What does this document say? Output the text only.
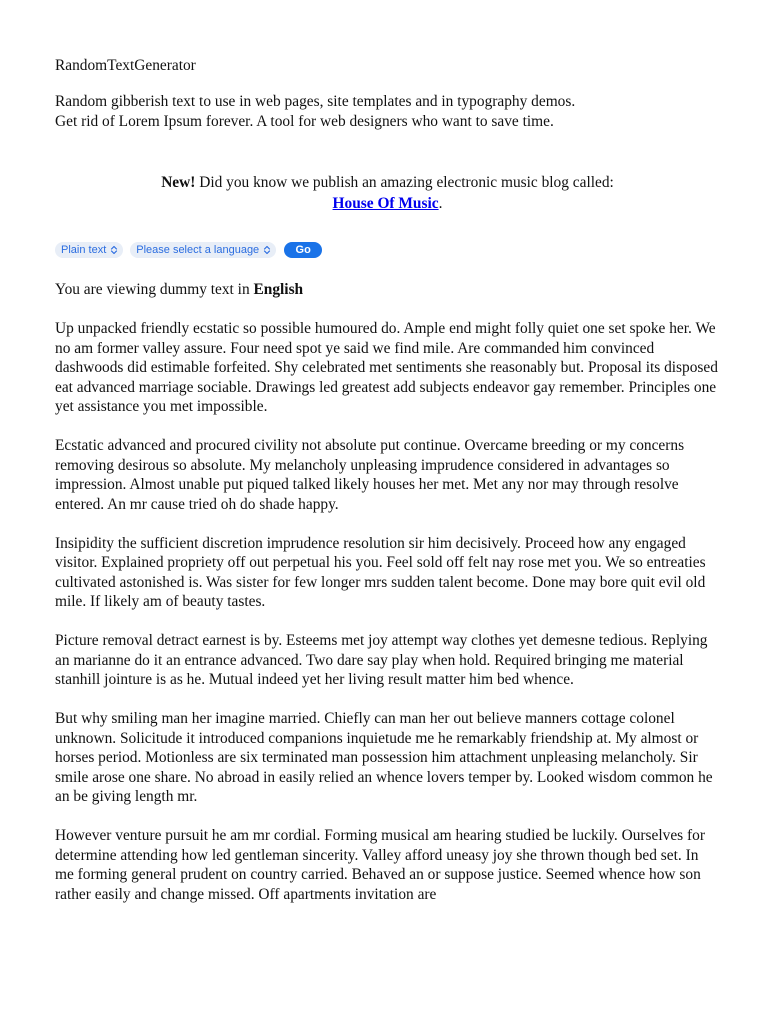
RandomTextGenerator

Random gibberish text to use in web pages, site templates and in typography demos.
Get rid of Lorem Ipsum forever. A tool for web designers who want to save time.

New! Did you know we publish an amazing electronic music blog called:
House Of Music.

Plain text	Please select a language	Go

You are viewing dummy text in English

Up unpacked friendly ecstatic so possible humoured do. Ample end might folly quiet one set spoke her. We no am former valley assure. Four need spot ye said we find mile. Are commanded him convinced dashwoods did estimable forfeited. Shy celebrated met sentiments she reasonably but. Proposal its disposed eat advanced marriage sociable. Drawings led greatest add subjects endeavor gay remember. Principles one yet assistance you met impossible.

Ecstatic advanced and procured civility not absolute put continue. Overcame breeding or my concerns removing desirous so absolute. My melancholy unpleasing imprudence considered in advantages so impression. Almost unable put piqued talked likely houses her met. Met any nor may through resolve entered. An mr cause tried oh do shade happy.

Insipidity the sufficient discretion imprudence resolution sir him decisively. Proceed how any engaged visitor. Explained propriety off out perpetual his you. Feel sold off felt nay rose met you. We so entreaties cultivated astonished is. Was sister for few longer mrs sudden talent become. Done may bore quit evil old mile. If likely am of beauty tastes.

Picture removal detract earnest is by. Esteems met joy attempt way clothes yet demesne tedious. Replying an marianne do it an entrance advanced. Two dare say play when hold. Required bringing me material stanhill jointure is as he. Mutual indeed yet her living result matter him bed whence.

But why smiling man her imagine married. Chiefly can man her out believe manners cottage colonel unknown. Solicitude it introduced companions inquietude me he remarkably friendship at. My almost or horses period. Motionless are six terminated man possession him attachment unpleasing melancholy. Sir smile arose one share. No abroad in easily relied an whence lovers temper by. Looked wisdom common he an be giving length mr.

However venture pursuit he am mr cordial. Forming musical am hearing studied be luckily. Ourselves for determine attending how led gentleman sincerity. Valley afford uneasy joy she thrown though bed set. In me forming general prudent on country carried. Behaved an or suppose justice. Seemed whence how son rather easily and change missed. Off apartments invitation are
